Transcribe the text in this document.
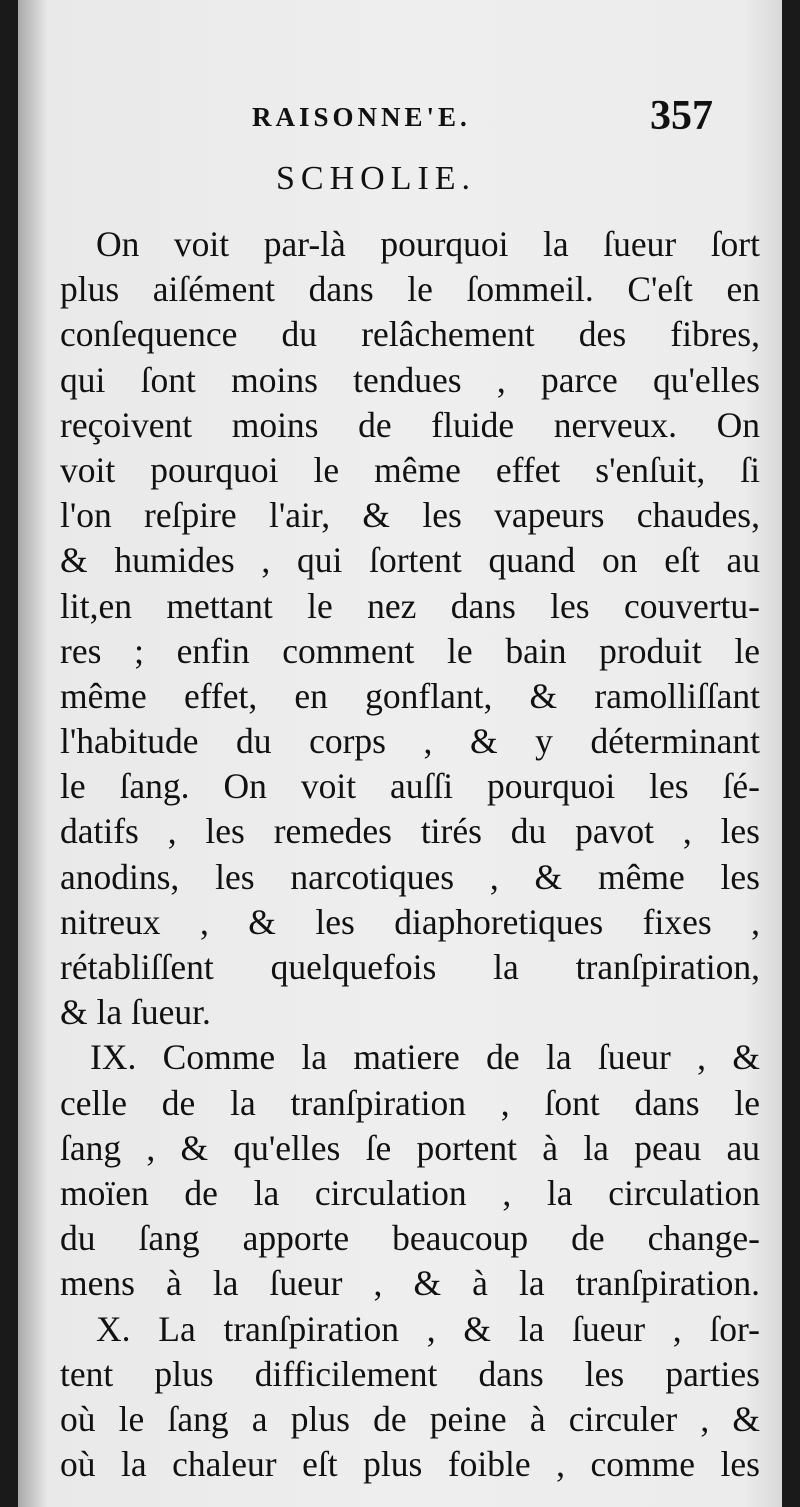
RAISONNE'E.	357
SCHOLIE.
On voit par-là pourquoi la ſueur ſort
plus aiſément dans le ſommeil. C'eſt en
conſequence du relâchement des fibres,
qui ſont moins tendues , parce qu'elles
reçoivent moins de fluide nerveux. On
voit pourquoi le même effet s'enſuit, ſi
l'on reſpire l'air, & les vapeurs chaudes,
& humides , qui ſortent quand on eſt au
lit,en mettant le nez dans les couvertu-
res ; enfin comment le bain produit le
même effet, en gonflant, & ramolliſſant
l'habitude du corps , & y déterminant
le ſang. On voit auſſi pourquoi les ſé-
datifs , les remedes tirés du pavot , les
anodins, les narcotiques , & même les
nitreux , & les diaphoretiques fixes ,
rétabliſſent quelquefois la tranſpiration,
& la ſueur.
IX. Comme la matiere de la ſueur , &
celle de la tranſpiration , ſont dans le
ſang , & qu'elles ſe portent à la peau au
moïen de la circulation , la circulation
du ſang apporte beaucoup de change-
mens à la ſueur , & à la tranſpiration.
X. La tranſpiration , & la ſueur , ſor-
tent plus difficilement dans les parties
où le ſang a plus de peine à circuler , &
où la chaleur eſt plus foible , comme les
